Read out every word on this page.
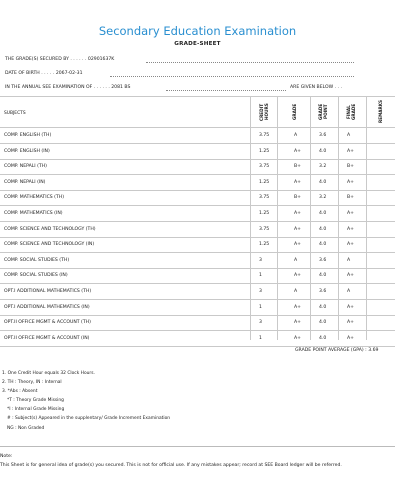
Secondary Education Examination
GRADE-SHEET
THE GRADE(S) SECURED BY . . . . . . 02901637K
DATE OF BIRTH . . . . . 2067-02-31
IN THE ANNUAL SEE EXAMINATION OF . . . . . . 2081 BS	ARE GIVEN BELOW . . .
SUBJECTS	CREDIT HOURS	GRADE	GRADE POINT	FINAL GRADE	REMARKS
COMP. ENGLISH (TH)	3.75	A	3.6	A
COMP. ENGLISH (IN)	1.25	A+	4.0	A+
COMP. NEPALI (TH)	3.75	B+	3.2	B+
COMP. NEPALI (IN)	1.25	A+	4.0	A+
COMP. MATHEMATICS (TH)	3.75	B+	3.2	B+
COMP. MATHEMATICS (IN)	1.25	A+	4.0	A+
COMP. SCIENCE AND TECHNOLOGY (TH)	3.75	A+	4.0	A+
COMP. SCIENCE AND TECHNOLOGY (IN)	1.25	A+	4.0	A+
COMP. SOCIAL STUDIES (TH)	3	A	3.6	A
COMP. SOCIAL STUDIES (IN)	1	A+	4.0	A+
OPT.I ADDITIONAL MATHEMATICS (TH)	3	A	3.6	A
OPT.I ADDITIONAL MATHEMATICS (IN)	1	A+	4.0	A+
OPT.II OFFICE MGMT & ACCOUNT (TH)	3	A+	4.0	A+
OPT.II OFFICE MGMT & ACCOUNT (IN)	1	A+	4.0	A+
GRADE POINT AVERAGE (GPA) : 3.69
1. One Credit Hour equals 32 Clock Hours.
2. TH : Theory, IN : Internal
3. *Abs : Absent
*T : Theory Grade Missing
*I : Internal Grade Missing
# : Subject(s) Appeared in the supplentary/ Grade Increment Examination
NG : Non Graded
Note:
This Sheet is for general idea of grade(s) you secured. This is not for official use. If any mistakes appear; record at SEE Board ledger will be referred.
